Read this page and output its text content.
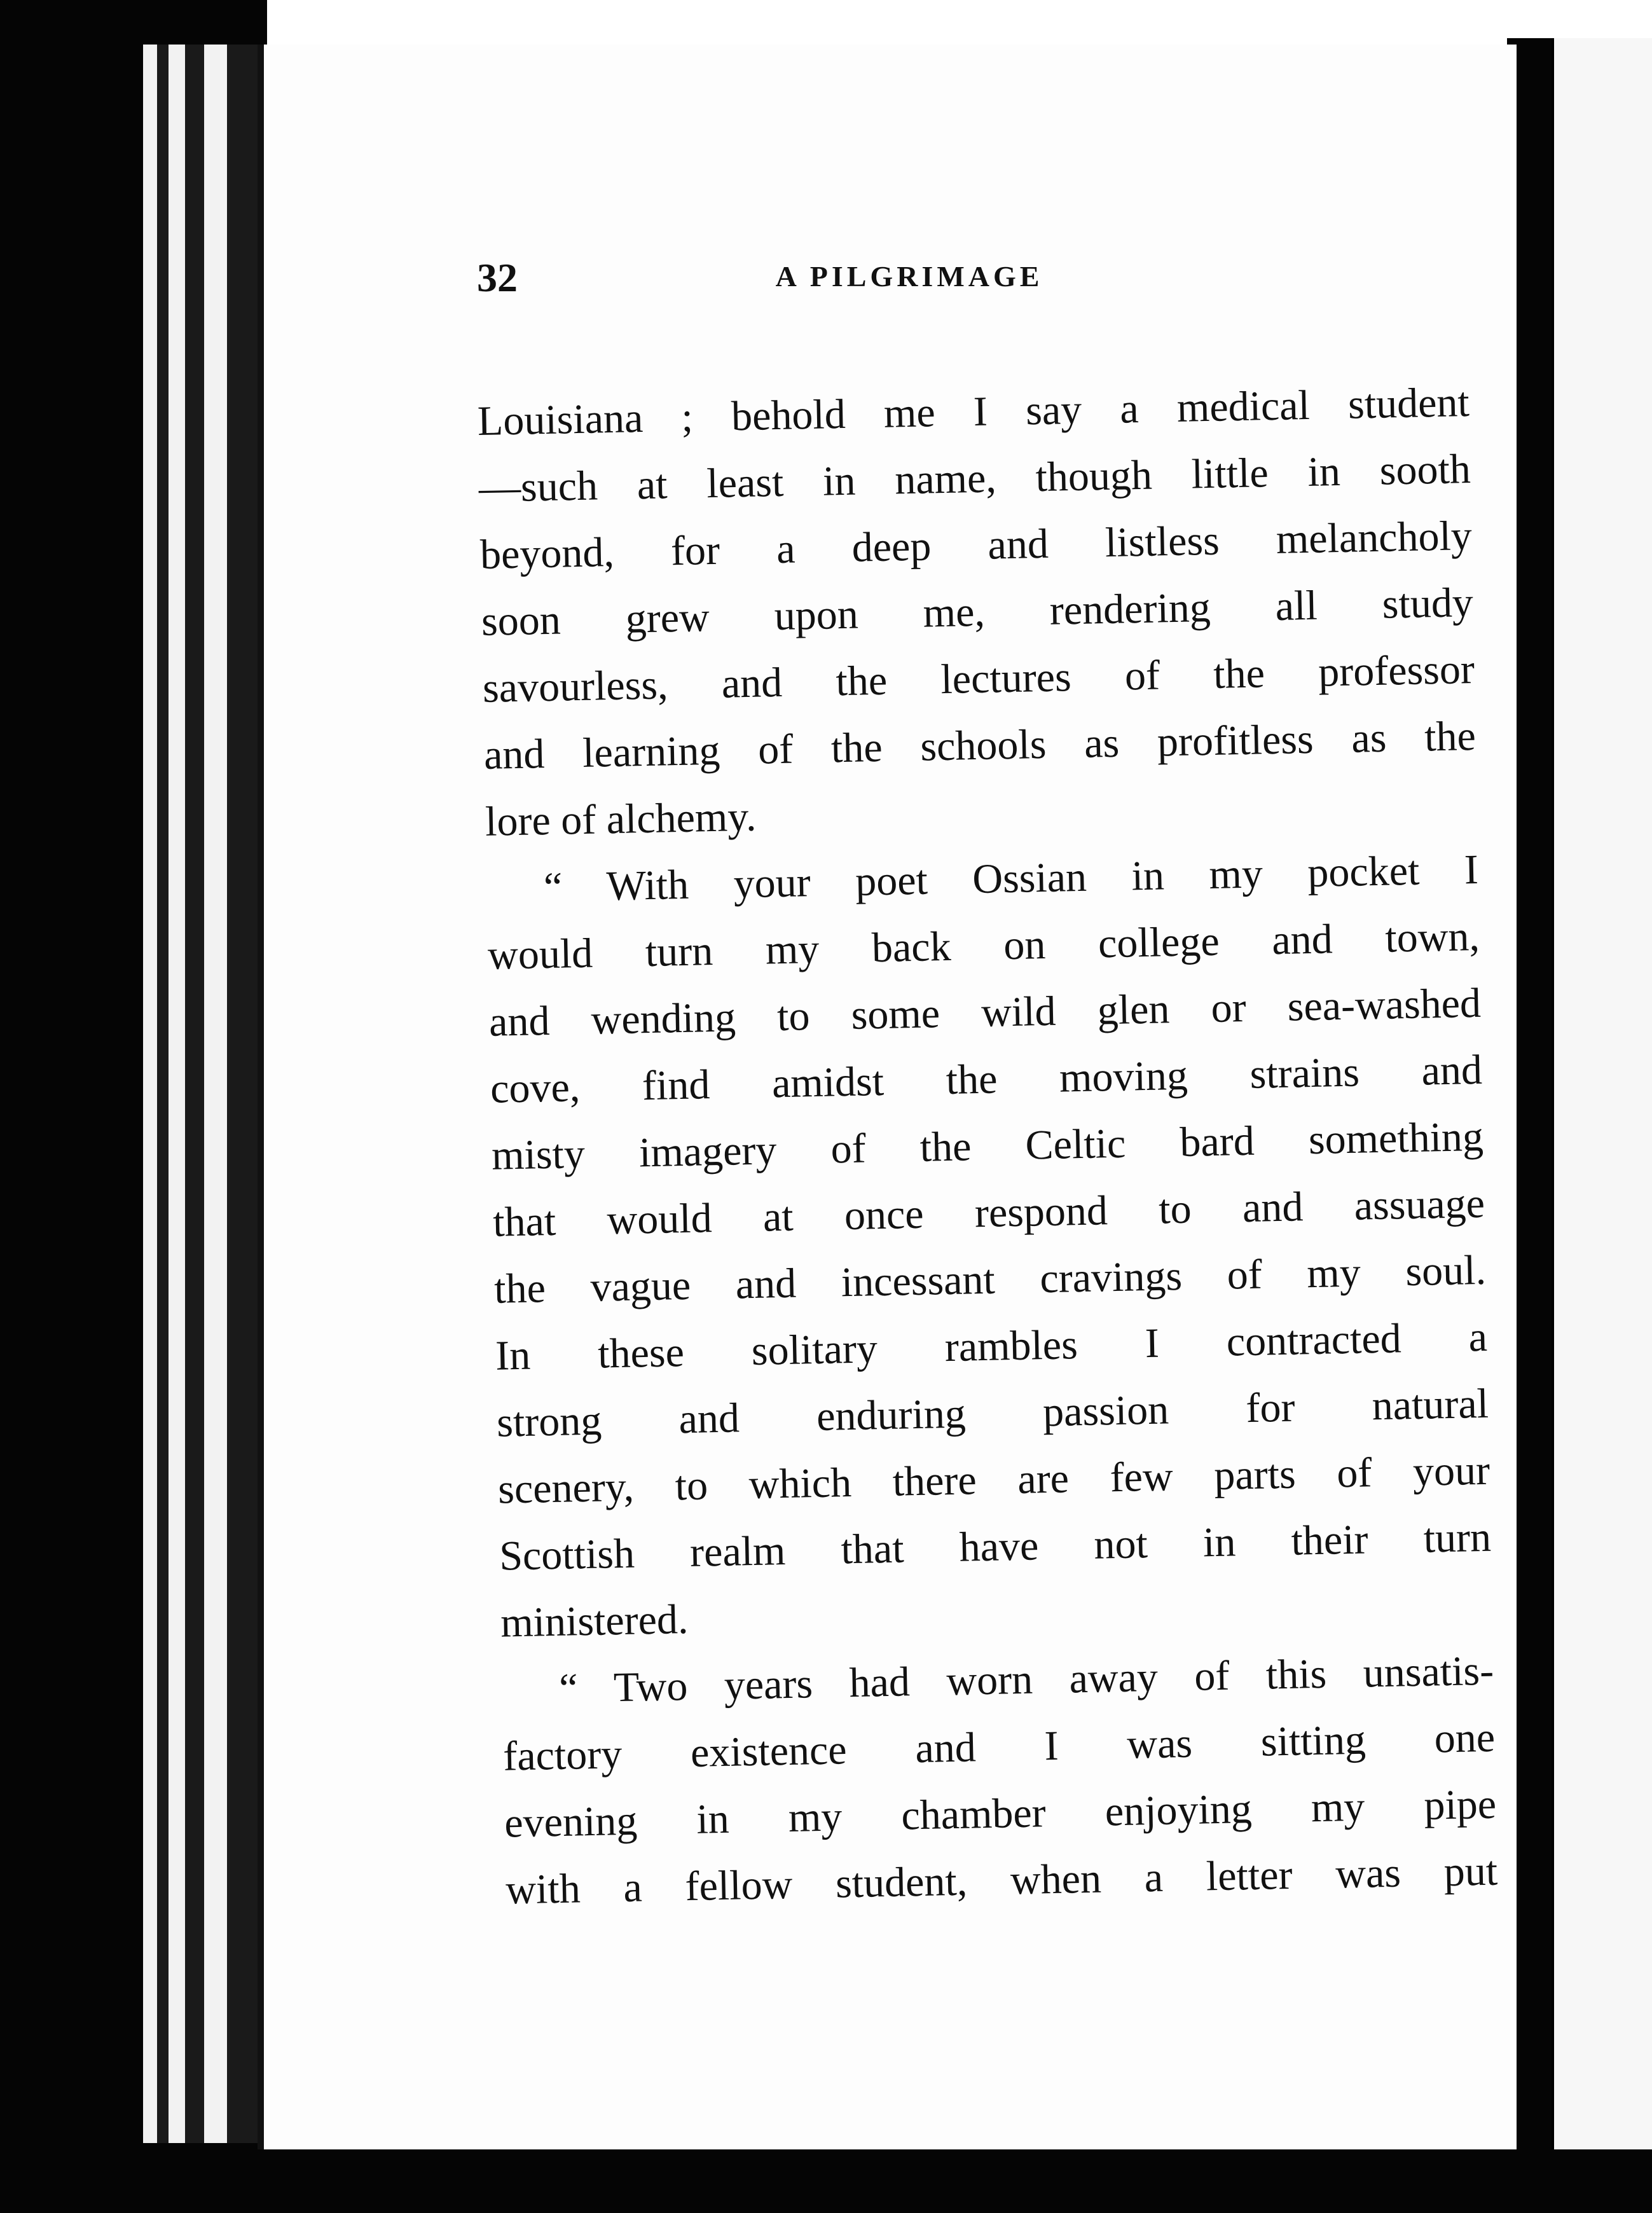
32	A PILGRIMAGE
Louisiana ; behold me I say a medical student
—such at least in name, though little in sooth
beyond, for a deep and listless melancholy
soon grew upon me, rendering all study
savourless, and the lectures of the professor
and learning of the schools as profitless as the
lore of alchemy.
“ With your poet Ossian in my pocket I
would turn my back on college and town,
and wending to some wild glen or sea-washed
cove, find amidst the moving strains and
misty imagery of the Celtic bard something
that would at once respond to and assuage
the vague and incessant cravings of my soul.
In these solitary rambles I contracted a
strong and enduring passion for natural
scenery, to which there are few parts of your
Scottish realm that have not in their turn
ministered.
“ Two years had worn away of this unsatis-
factory existence and I was sitting one
evening in my chamber enjoying my pipe
with a fellow student, when a letter was put
